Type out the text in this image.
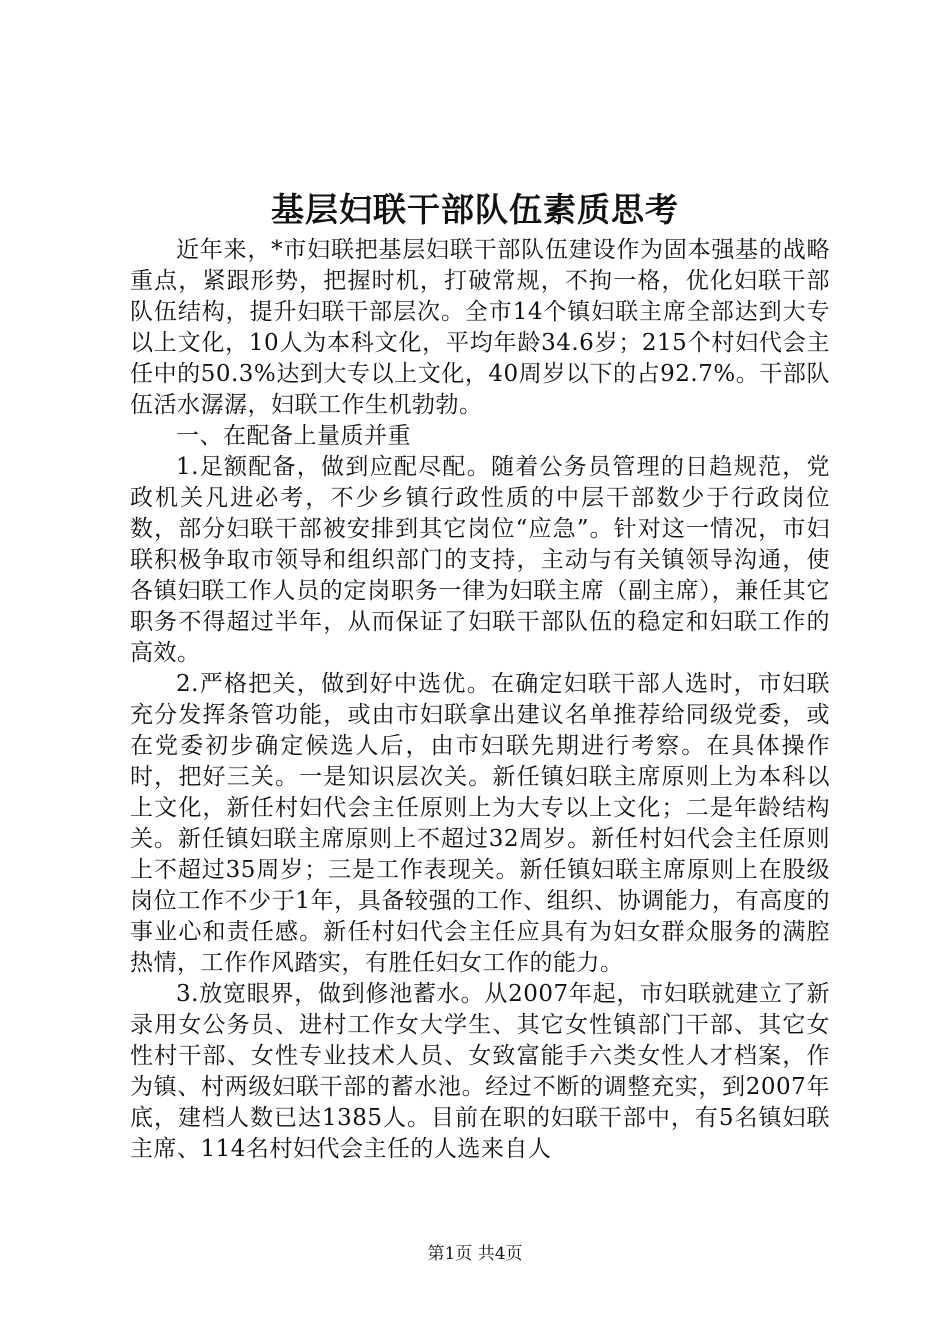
基层妇联干部队伍素质思考

近年来，*市妇联把基层妇联干部队伍建设作为固本强基的战略重点，紧跟形势，把握时机，打破常规，不拘一格，优化妇联干部队伍结构，提升妇联干部层次。全市14个镇妇联主席全部达到大专以上文化，10人为本科文化，平均年龄34.6岁；215个村妇代会主任中的50.3%达到大专以上文化，40周岁以下的占92.7%。干部队伍活水潺潺，妇联工作生机勃勃。

一、在配备上量质并重

1.足额配备，做到应配尽配。随着公务员管理的日趋规范，党政机关凡进必考，不少乡镇行政性质的中层干部数少于行政岗位数，部分妇联干部被安排到其它岗位“应急”。针对这一情况，市妇联积极争取市领导和组织部门的支持，主动与有关镇领导沟通，使各镇妇联工作人员的定岗职务一律为妇联主席（副主席），兼任其它职务不得超过半年，从而保证了妇联干部队伍的稳定和妇联工作的高效。

2.严格把关，做到好中选优。在确定妇联干部人选时，市妇联充分发挥条管功能，或由市妇联拿出建议名单推荐给同级党委，或在党委初步确定候选人后，由市妇联先期进行考察。在具体操作时，把好三关。一是知识层次关。新任镇妇联主席原则上为本科以上文化，新任村妇代会主任原则上为大专以上文化；二是年龄结构关。新任镇妇联主席原则上不超过32周岁。新任村妇代会主任原则上不超过35周岁；三是工作表现关。新任镇妇联主席原则上在股级岗位工作不少于1年，具备较强的工作、组织、协调能力，有高度的事业心和责任感。新任村妇代会主任应具有为妇女群众服务的满腔热情，工作作风踏实，有胜任妇女工作的能力。

3.放宽眼界，做到修池蓄水。从2007年起，市妇联就建立了新录用女公务员、进村工作女大学生、其它女性镇部门干部、其它女性村干部、女性专业技术人员、女致富能手六类女性人才档案，作为镇、村两级妇联干部的蓄水池。经过不断的调整充实，到2007年底，建档人数已达1385人。目前在职的妇联干部中，有5名镇妇联主席、114名村妇代会主任的人选来自人

第1页 共4页
